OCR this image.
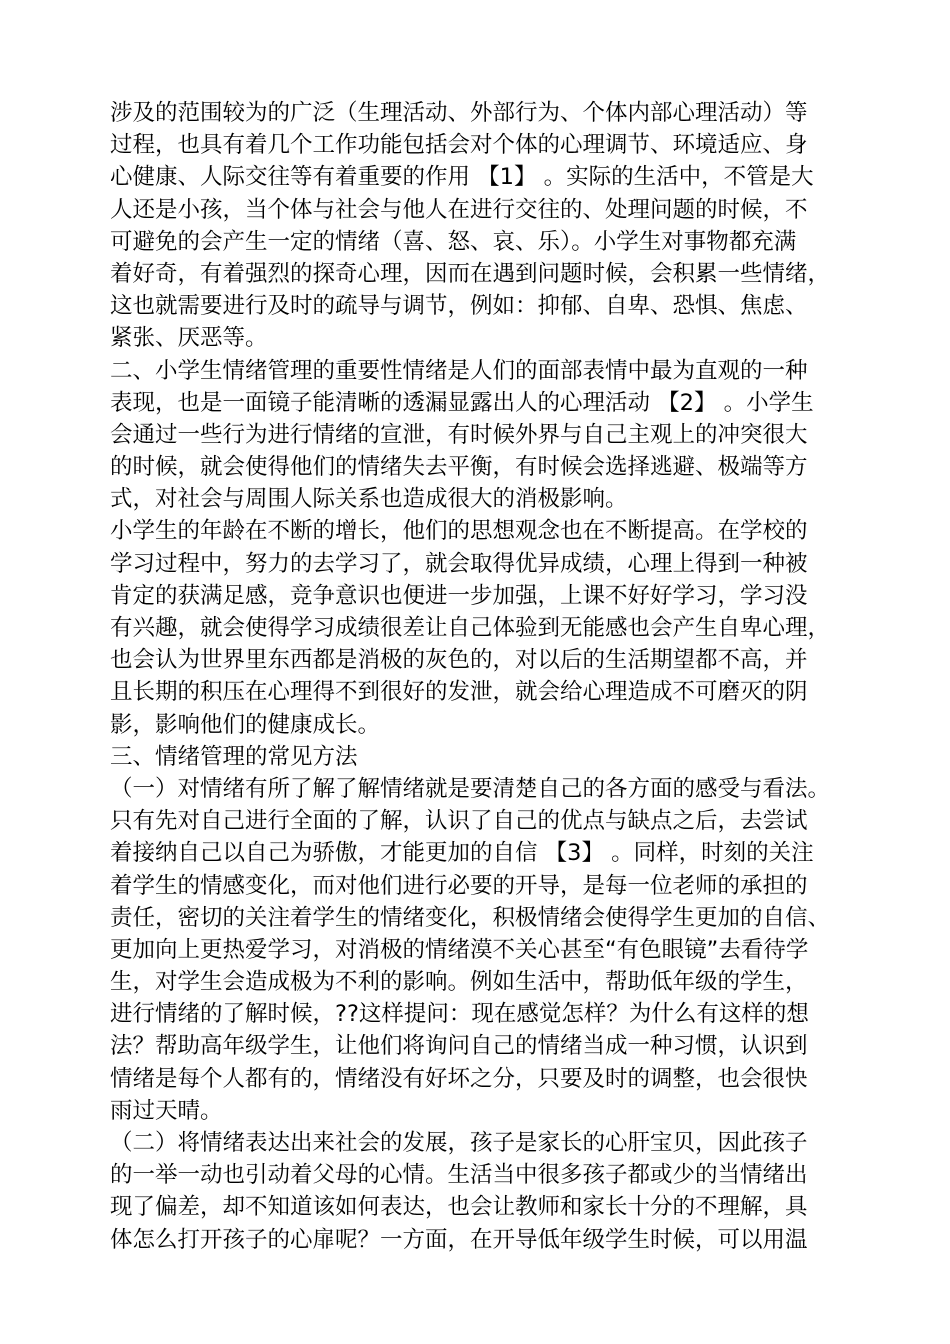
涉及的范围较为的广泛（生理活动、外部行为、个体内部心理活动）等
过程，也具有着几个工作功能包括会对个体的心理调节、环境适应、身
心健康、人际交往等有着重要的作用 【1】 。实际的生活中，不管是大
人还是小孩，当个体与社会与他人在进行交往的、处理问题的时候，不
可避免的会产生一定的情绪（喜、怒、哀、乐）。小学生对事物都充满
着好奇，有着强烈的探奇心理，因而在遇到问题时候，会积累一些情绪，
这也就需要进行及时的疏导与调节，例如：抑郁、自卑、恐惧、焦虑、
紧张、厌恶等。
二、小学生情绪管理的重要性情绪是人们的面部表情中最为直观的一种
表现，也是一面镜子能清晰的透漏显露出人的心理活动 【2】 。小学生
会通过一些行为进行情绪的宣泄，有时候外界与自己主观上的冲突很大
的时候，就会使得他们的情绪失去平衡，有时候会选择逃避、极端等方
式，对社会与周围人际关系也造成很大的消极影响。
小学生的年龄在不断的增长，他们的思想观念也在不断提高。在学校的
学习过程中，努力的去学习了，就会取得优异成绩，心理上得到一种被
肯定的获满足感，竞争意识也便进一步加强，上课不好好学习，学习没
有兴趣，就会使得学习成绩很差让自己体验到无能感也会产生自卑心理，
也会认为世界里东西都是消极的灰色的，对以后的生活期望都不高，并
且长期的积压在心理得不到很好的发泄，就会给心理造成不可磨灭的阴
影，影响他们的健康成长。
三、情绪管理的常见方法
（一）对情绪有所了解了解情绪就是要清楚自己的各方面的感受与看法。
只有先对自己进行全面的了解，认识了自己的优点与缺点之后，去尝试
着接纳自己以自己为骄傲，才能更加的自信 【3】 。同样，时刻的关注
着学生的情感变化，而对他们进行必要的开导，是每一位老师的承担的
责任，密切的关注着学生的情绪变化，积极情绪会使得学生更加的自信、
更加向上更热爱学习，对消极的情绪漠不关心甚至“有色眼镜”去看待学
生，对学生会造成极为不利的影响。例如生活中，帮助低年级的学生，
进行情绪的了解时候，??这样提问：现在感觉怎样？为什么有这样的想
法？帮助高年级学生，让他们将询问自己的情绪当成一种习惯，认识到
情绪是每个人都有的，情绪没有好坏之分，只要及时的调整，也会很快
雨过天晴。
（二）将情绪表达出来社会的发展，孩子是家长的心肝宝贝，因此孩子
的一举一动也引动着父母的心情。生活当中很多孩子都或少的当情绪出
现了偏差，却不知道该如何表达，也会让教师和家长十分的不理解，具
体怎么打开孩子的心扉呢？一方面，在开导低年级学生时候，可以用温
